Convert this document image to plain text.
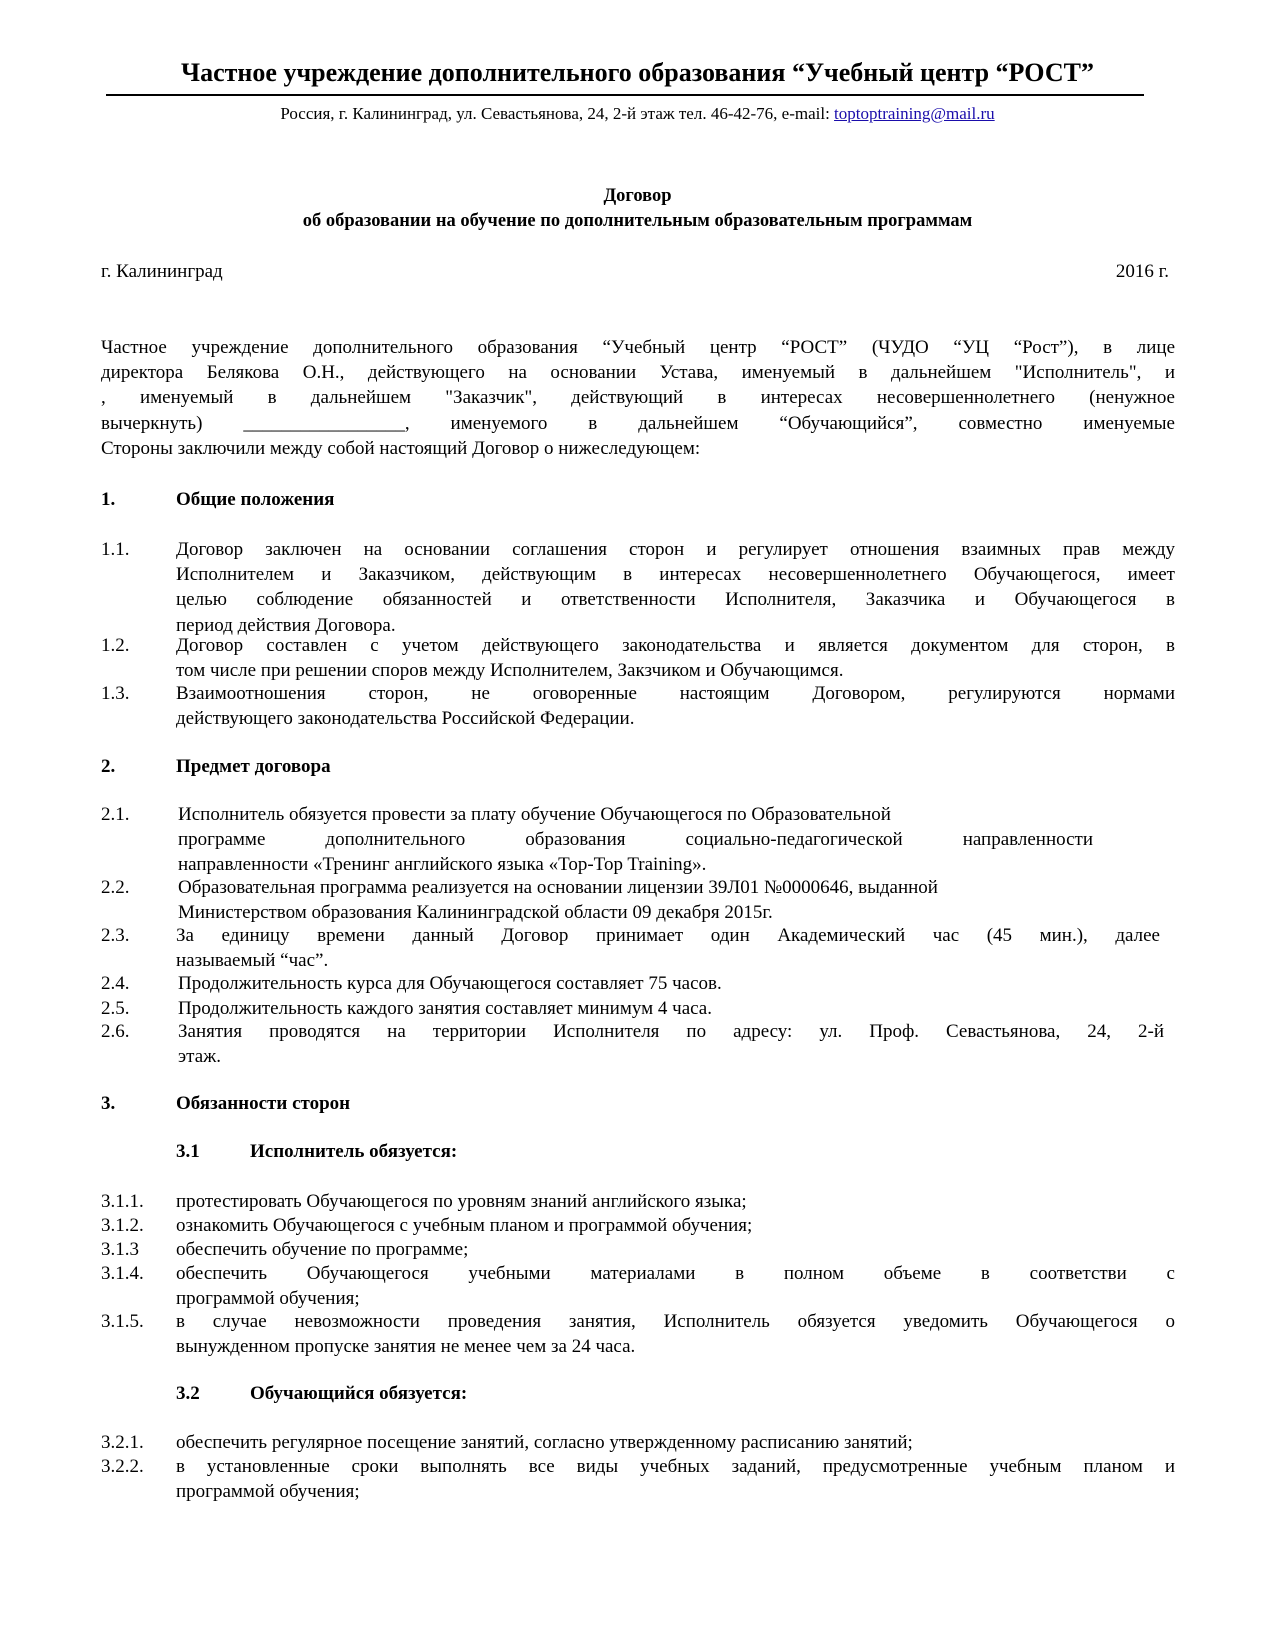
Частное учреждение дополнительного образования “Учебный центр “РОСТ”
Россия, г. Калининград, ул. Севастьянова, 24, 2-й этаж тел. 46-42-76, e-mail: toptoptraining@mail.ru
Договор
об образовании на обучение по дополнительным образовательным программам
г. Калининград	2016 г.
Частное учреждение дополнительного образования “Учебный центр “РОСТ” (ЧУДО “УЦ “Рост”), в лице
директора Белякова О.Н., действующего на основании Устава, именуемый в дальнейшем "Исполнитель", и
, именуемый в дальнейшем "Заказчик", действующий в интересах несовершеннолетнего (ненужное
вычеркнуть) _________________, именуемого в дальнейшем “Обучающийся”, совместно именуемые
Стороны заключили между собой настоящий Договор о нижеследующем:
1.	Общие положения
1.1. Договор заключен на основании соглашения сторон и регулирует отношения взаимных прав между
Исполнителем и Заказчиком, действующим в интересах несовершеннолетнего Обучающегося, имеет
целью соблюдение обязанностей и ответственности Исполнителя, Заказчика и Обучающегося в
период действия Договора.
1.2. Договор составлен с учетом действующего законодательства и является документом для сторон, в
том числе при решении споров между Исполнителем, Закзчиком и Обучающимся.
1.3. Взаимоотношения сторон, не оговоренные настоящим Договором, регулируются нормами
действующего законодательства Российской Федерации.
2.	Предмет договора
2.1.	Исполнитель обязуется провести за плату обучение Обучающегося по Образовательной
программе дополнительного образования социально-педагогической направленности
направленности «Тренинг английского языка «Top-Top Training».
2.2.	Образовательная программа реализуется на основании лицензии 39Л01 №0000646, выданной
Министерством образования Калининградской области 09 декабря 2015г.
2.3. За единицу времени данный Договор принимает один Академический час (45 мин.), далее
называемый “час”.
2.4.	Продолжительность курса для Обучающегося составляет 75 часов.
2.5.	Продолжительность каждого занятия составляет минимум 4 часа.
2.6.	Занятия проводятся на территории Исполнителя по адресу: ул. Проф. Севастьянова, 24, 2-й
этаж.
3.	Обязанности сторон
3.1	Исполнитель обязуется:
3.1.1. протестировать Обучающегося по уровням знаний английского языка;
3.1.2. ознакомить Обучающегося с учебным планом и программой обучения;
3.1.3 обеспечить обучение по программе;
3.1.4. обеспечить Обучающегося учебными материалами в полном объеме в соответстви с
программой обучения;
3.1.5. в случае невозможности проведения занятия, Исполнитель обязуется уведомить Обучающегося о
вынужденном пропуске занятия не менее чем за 24 часа.
3.2	Обучающийся обязуется:
3.2.1. обеспечить регулярное посещение занятий, согласно утвержденному расписанию занятий;
3.2.2. в установленные сроки выполнять все виды учебных заданий, предусмотренные учебным планом и
программой обучения;
